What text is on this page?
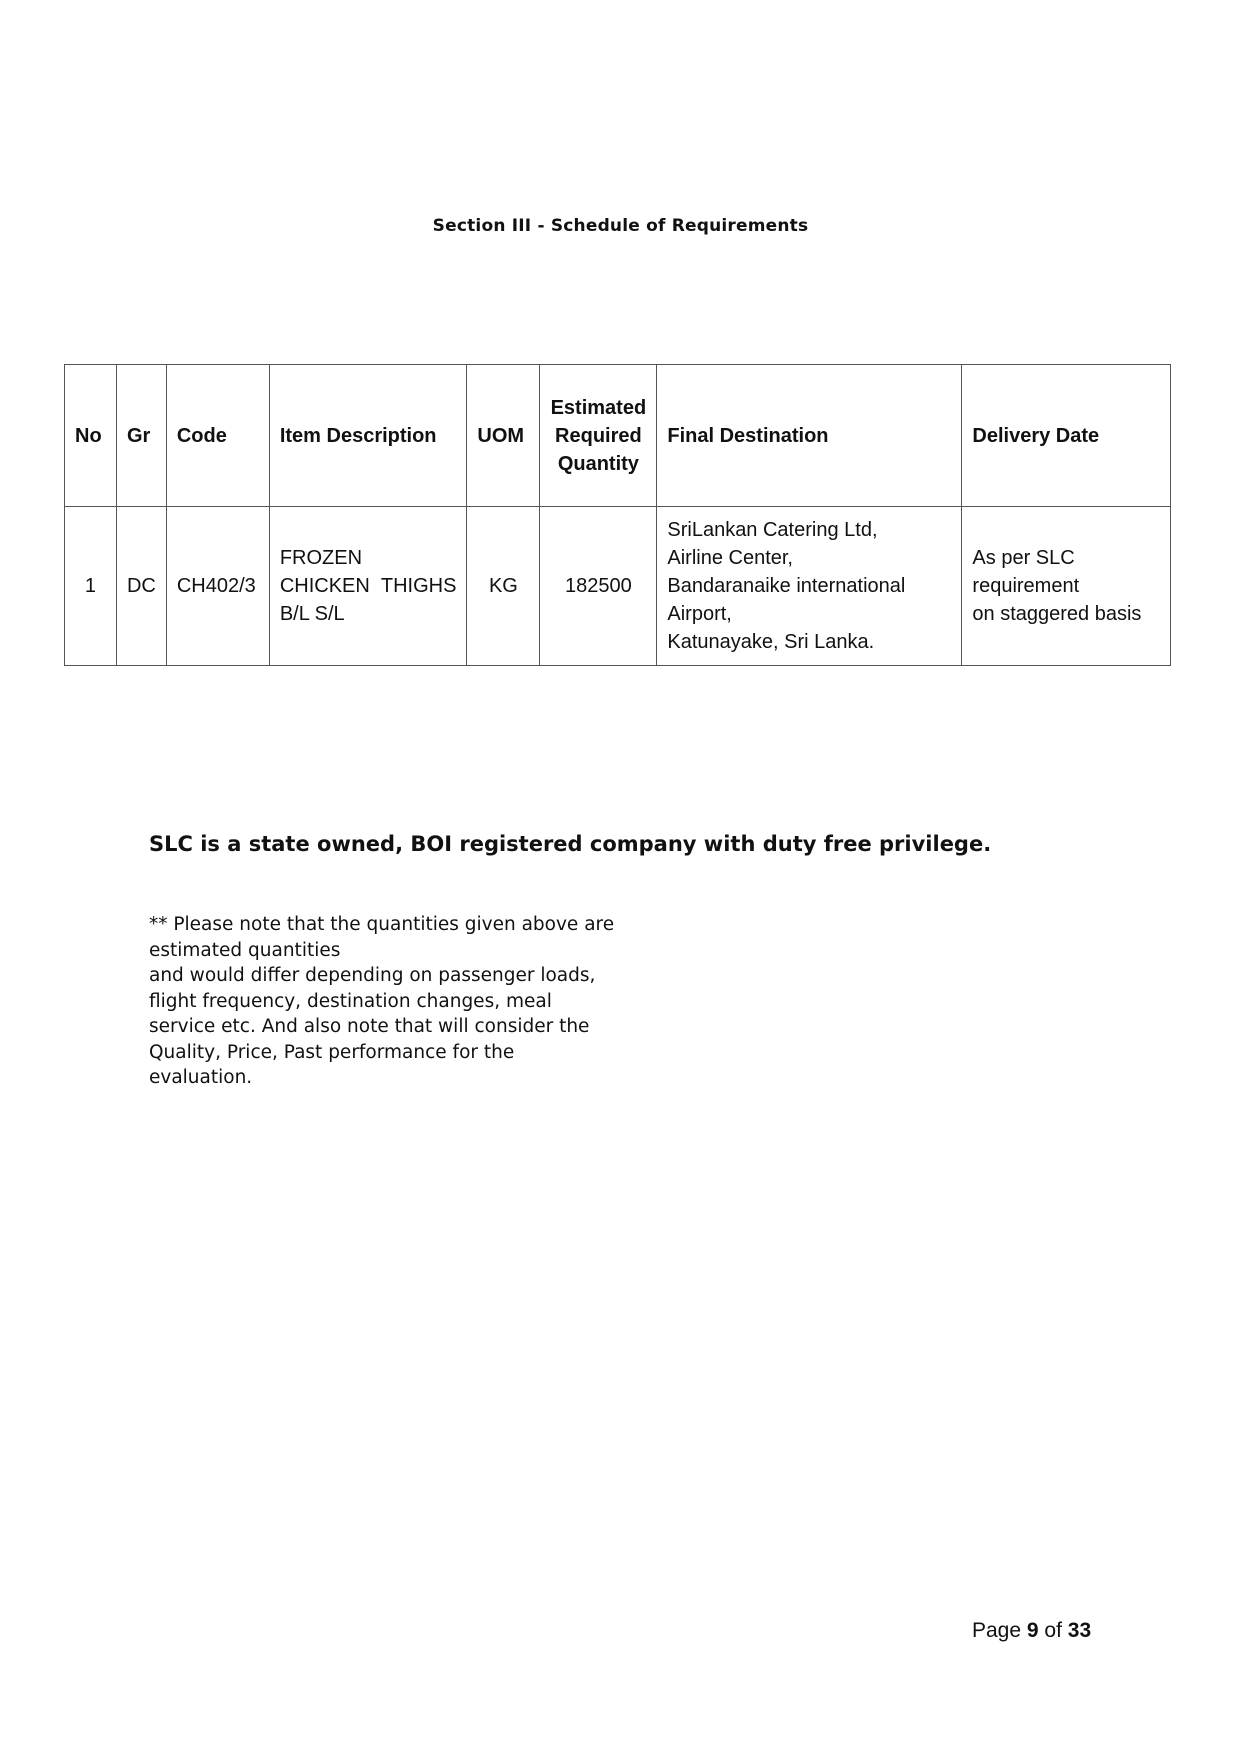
Section III - Schedule of Requirements
No	Gr	Code	Item Description	UOM	Estimated
Required
Quantity	Final Destination	Delivery Date
1	DC	CH402/3	FROZEN CHICKEN THIGHS B/L S/L	KG	182500	SriLankan Catering Ltd,
Airline Center,
Bandaranaike international
Airport,
Katunayake, Sri Lanka.	As per SLC
requirement
on staggered basis
SLC is a state owned, BOI registered company with duty free privilege.
** Please note that the quantities given above are
estimated quantities
and would differ depending on passenger loads,
flight frequency, destination changes, meal
service etc. And also note that will consider the
Quality, Price, Past performance for the
evaluation.
Page 9 of 33
